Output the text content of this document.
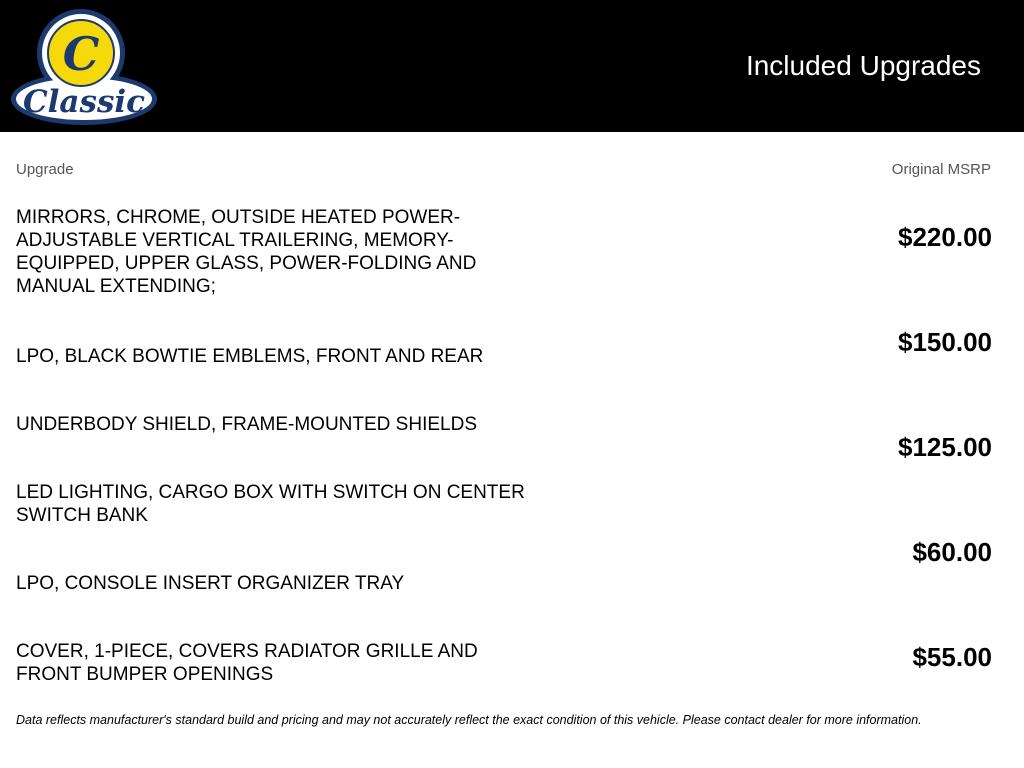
C
Classic
Included Upgrades
Upgrade	Original MSRP
MIRRORS, CHROME, OUTSIDE HEATED POWER-ADJUSTABLE VERTICAL TRAILERING, MEMORY-EQUIPPED, UPPER GLASS, POWER-FOLDING AND MANUAL EXTENDING;
LPO, BLACK BOWTIE EMBLEMS, FRONT AND REAR
UNDERBODY SHIELD, FRAME-MOUNTED SHIELDS
LED LIGHTING, CARGO BOX WITH SWITCH ON CENTER SWITCH BANK
LPO, CONSOLE INSERT ORGANIZER TRAY
COVER, 1-PIECE, COVERS RADIATOR GRILLE AND FRONT BUMPER OPENINGS
$220.00
$150.00
$125.00
$60.00
$55.00
Data reflects manufacturer's standard build and pricing and may not accurately reflect the exact condition of this vehicle. Please contact dealer for more information.
